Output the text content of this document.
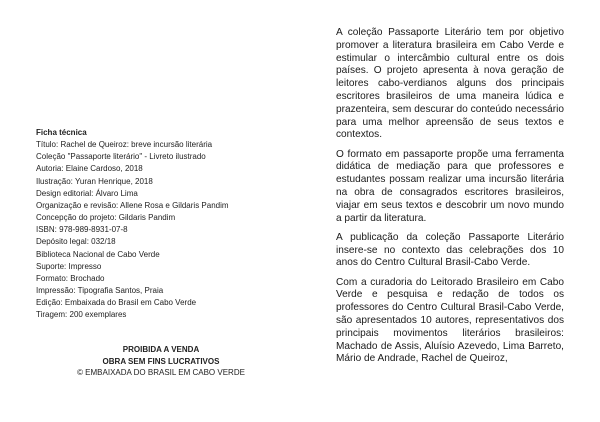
Ficha técnica

Título: Rachel de Queiroz: breve incursão literária

Coleção "Passaporte literário" - Livreto ilustrado

Autoria: Elaine Cardoso, 2018

Ilustração: Yuran Henrique, 2018

Design editorial: Álvaro Lima

Organização e revisão: Allene Rosa e Gildaris Pandim

Concepção do projeto: Gildaris Pandim

ISBN: 978-989-8931-07-8

Depósito legal: 032/18

Biblioteca Nacional de Cabo Verde

Suporte: Impresso

Formato: Brochado

Impressão: Tipografia Santos, Praia

Edição: Embaixada do Brasil em Cabo Verde

Tiragem: 200 exemplares

PROIBIDA A VENDA

OBRA SEM FINS LUCRATIVOS

© EMBAIXADA DO BRASIL EM CABO VERDE

A coleção Passaporte Literário tem por objetivo promover a literatura brasileira em Cabo Verde e estimular o intercâmbio cultural entre os dois países. O projeto apresenta à nova geração de leitores cabo-verdianos alguns dos principais escritores brasileiros de uma maneira lúdica e prazenteira, sem descurar do conteúdo necessário para uma melhor apreensão de seus textos e contextos.

O formato em passaporte propõe uma ferramenta didática de mediação para que professores e estudantes possam realizar uma incursão literária na obra de consagrados escritores brasileiros, viajar em seus textos e descobrir um novo mundo a partir da literatura.

A publicação da coleção Passaporte Literário insere-se no contexto das celebrações dos 10 anos do Centro Cultural Brasil-Cabo Verde.

Com a curadoria do Leitorado Brasileiro em Cabo Verde e pesquisa e redação de todos os professores do Centro Cultural Brasil-Cabo Verde, são apresentados 10 autores, representativos dos principais movimentos literários brasileiros: Machado de Assis, Aluísio Azevedo, Lima Barreto, Mário de Andrade, Rachel de Queiroz,
